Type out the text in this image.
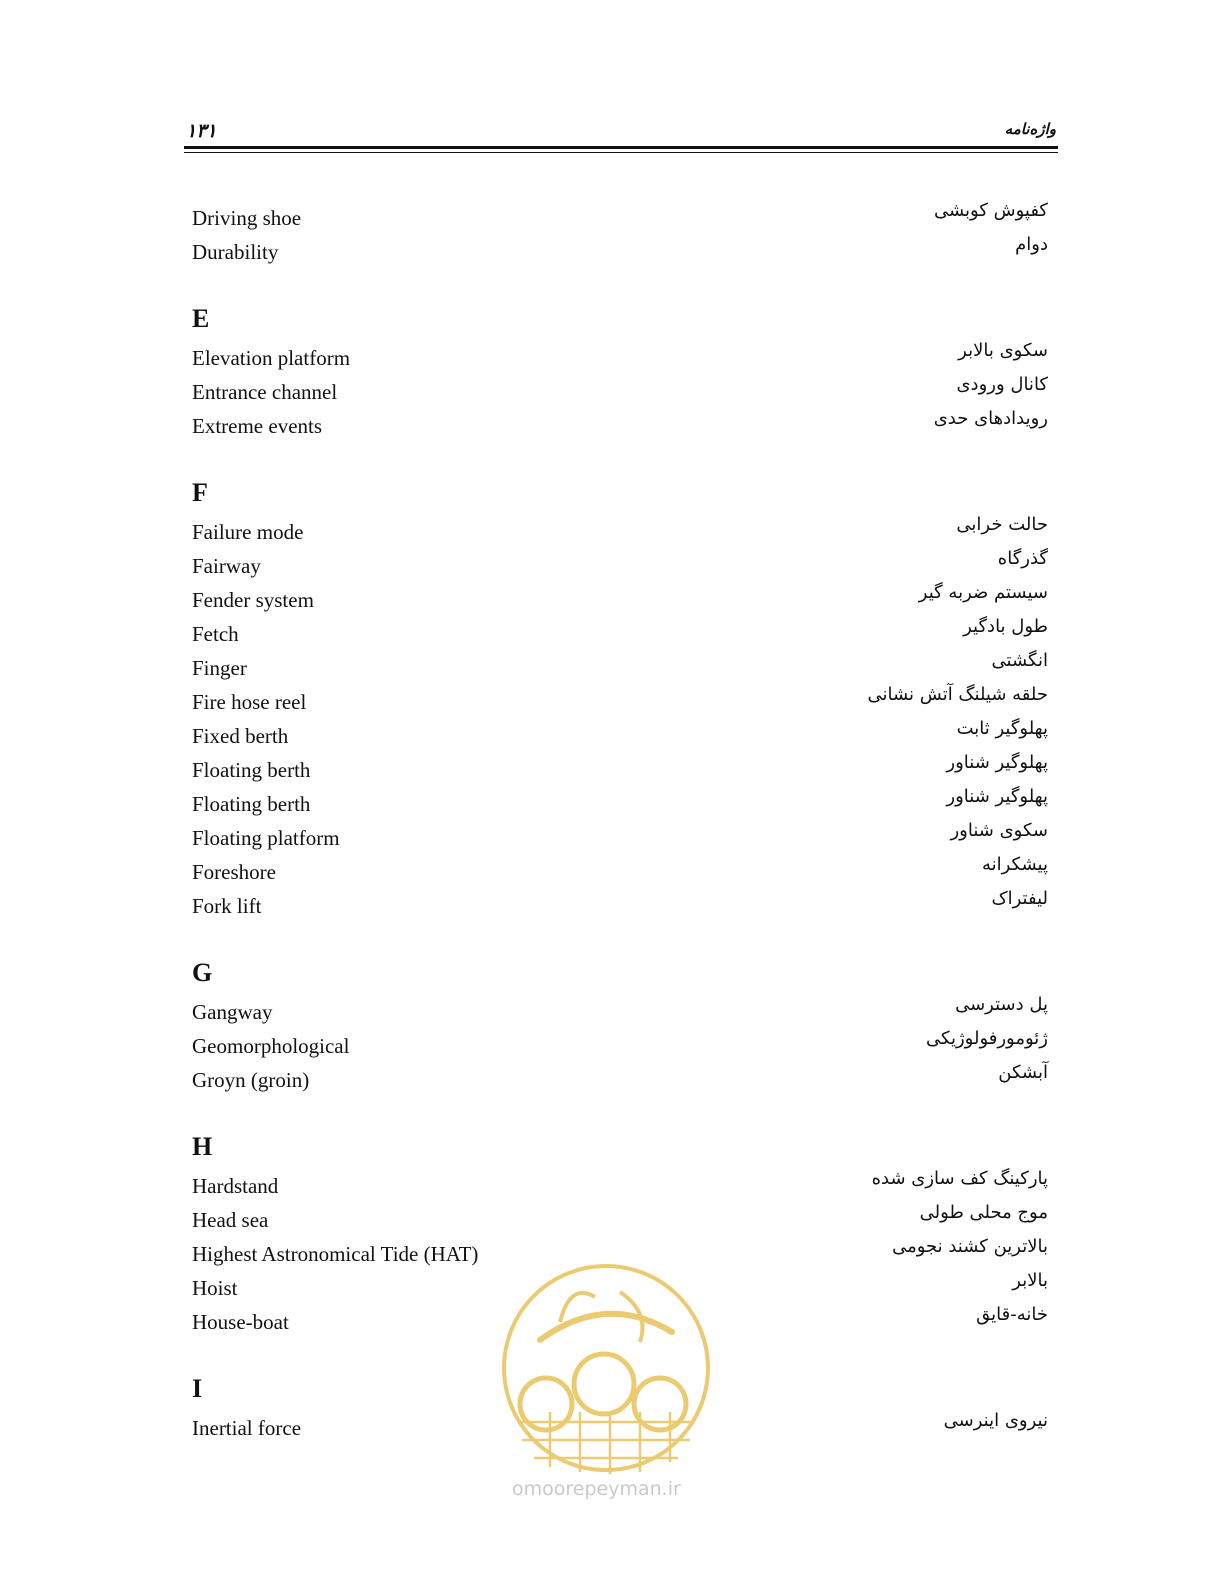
۱۳۱	واژه‌نامه
Driving shoe	کفپوش کوبشی
Durability	دوام
E
Elevation platform	سکوی بالابر
Entrance channel	کانال ورودی
Extreme events	رویدادهای حدی
F
Failure mode	حالت خرابی
Fairway	گذرگاه
Fender system	سیستم ضربه گیر
Fetch	طول بادگیر
Finger	انگشتی
Fire hose reel	حلقه شیلنگ آتش نشانی
Fixed berth	پهلوگیر ثابت
Floating berth	پهلوگیر شناور
Floating berth	پهلوگیر شناور
Floating platform	سکوی شناور
Foreshore	پیشکرانه
Fork lift	لیفتراک
G
Gangway	پل دسترسی
Geomorphological	ژئومورفولوژیکی
Groyn (groin)	آبشکن
H
Hardstand	پارکینگ کف سازی شده
Head sea	موج محلی طولی
Highest Astronomical Tide (HAT)	بالاترین کشند نجومی
Hoist	بالابر
House-boat	خانه-قایق
I
Inertial force	نیروی اینرسی
omoorepeyman.ir
